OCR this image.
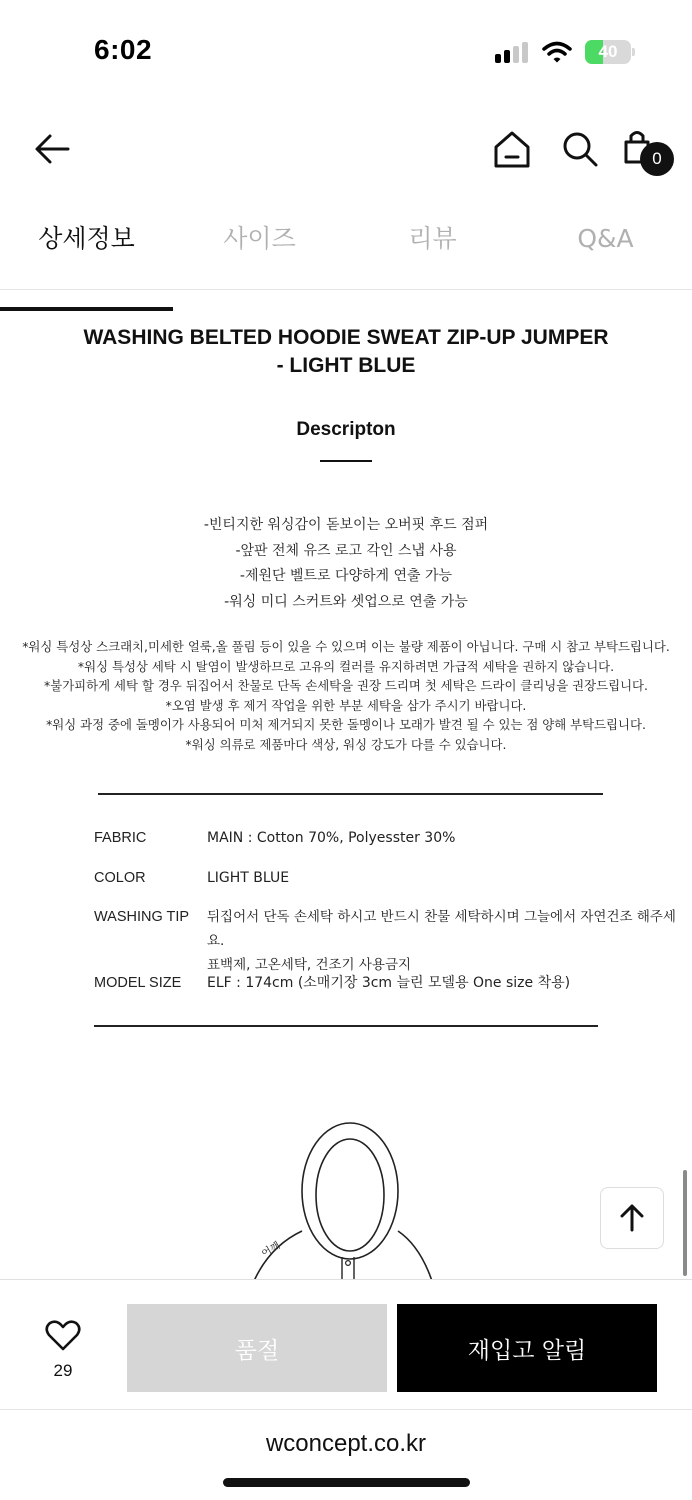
6:02	40
0
상세정보	사이즈	리뷰	Q&A
WASHING BELTED HOODIE SWEAT ZIP-UP JUMPER
- LIGHT BLUE
Descripton
-빈티지한 워싱감이 돋보이는 오버핏 후드 점퍼
-앞판 전체 유즈 로고 각인 스냅 사용
-제원단 벨트로 다양하게 연출 가능
-워싱 미디 스커트와 셋업으로 연출 가능
*워싱 특성상 스크래치,미세한 얼룩,올 풀림 등이 있을 수 있으며 이는 불량 제품이 아닙니다. 구매 시 참고 부탁드립니다.
*워싱 특성상 세탁 시 탈염이 발생하므로 고유의 컬러를 유지하려면 가급적 세탁을 권하지 않습니다.
*불가피하게 세탁 할 경우 뒤집어서 찬물로 단독 손세탁을 권장 드리며 첫 세탁은 드라이 클리닝을 권장드립니다.
*오염 발생 후 제거 작업을 위한 부분 세탁을 삼가 주시기 바랍니다.
*워싱 과정 중에 돌멩이가 사용되어 미처 제거되지 못한 돌멩이나 모래가 발견 될 수 있는 점 양해 부탁드립니다.
*워싱 의류로 제품마다 색상, 워싱 강도가 다를 수 있습니다.
FABRIC	MAIN : Cotton 70%, Polyesster 30%
COLOR	LIGHT BLUE
WASHING TIP	뒤집어서 단독 손세탁 하시고 반드시 찬물 세탁하시며 그늘에서 자연건조 해주세요.
표백제, 고온세탁, 건조기 사용금지
MODEL SIZE	ELF : 174cm (소매기장 3cm 늘린 모델용 One size 착용)
어깨
29
품절	재입고 알림
wconcept.co.kr
